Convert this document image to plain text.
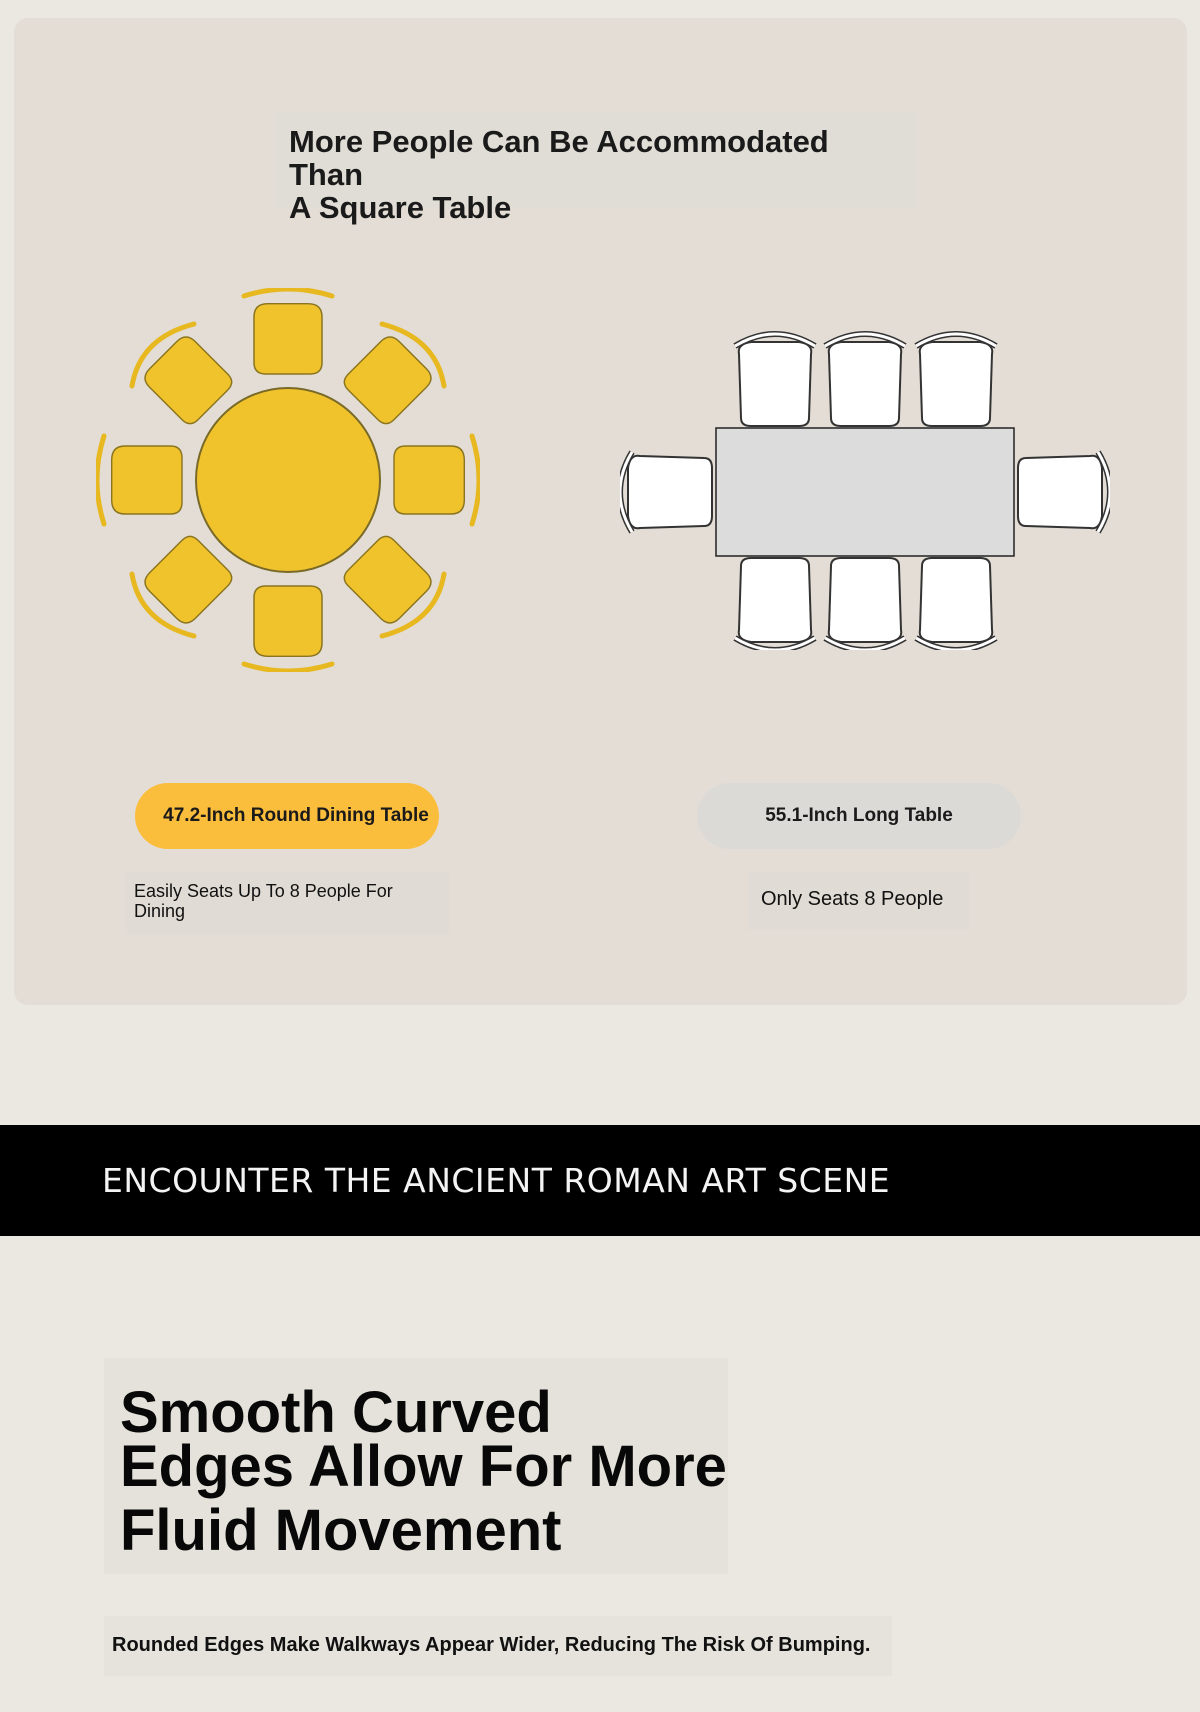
More People Can Be Accommodated Than
A Square Table
47.2-Inch Round Dining Table	55.1-Inch Long Table
Easily Seats Up To 8 People For
Dining
Only Seats 8 People
ENCOUNTER THE ANCIENT ROMAN ART SCENE
Smooth Curved
Edges Allow For More
Fluid Movement
Rounded Edges Make Walkways Appear Wider, Reducing The Risk Of Bumping.
